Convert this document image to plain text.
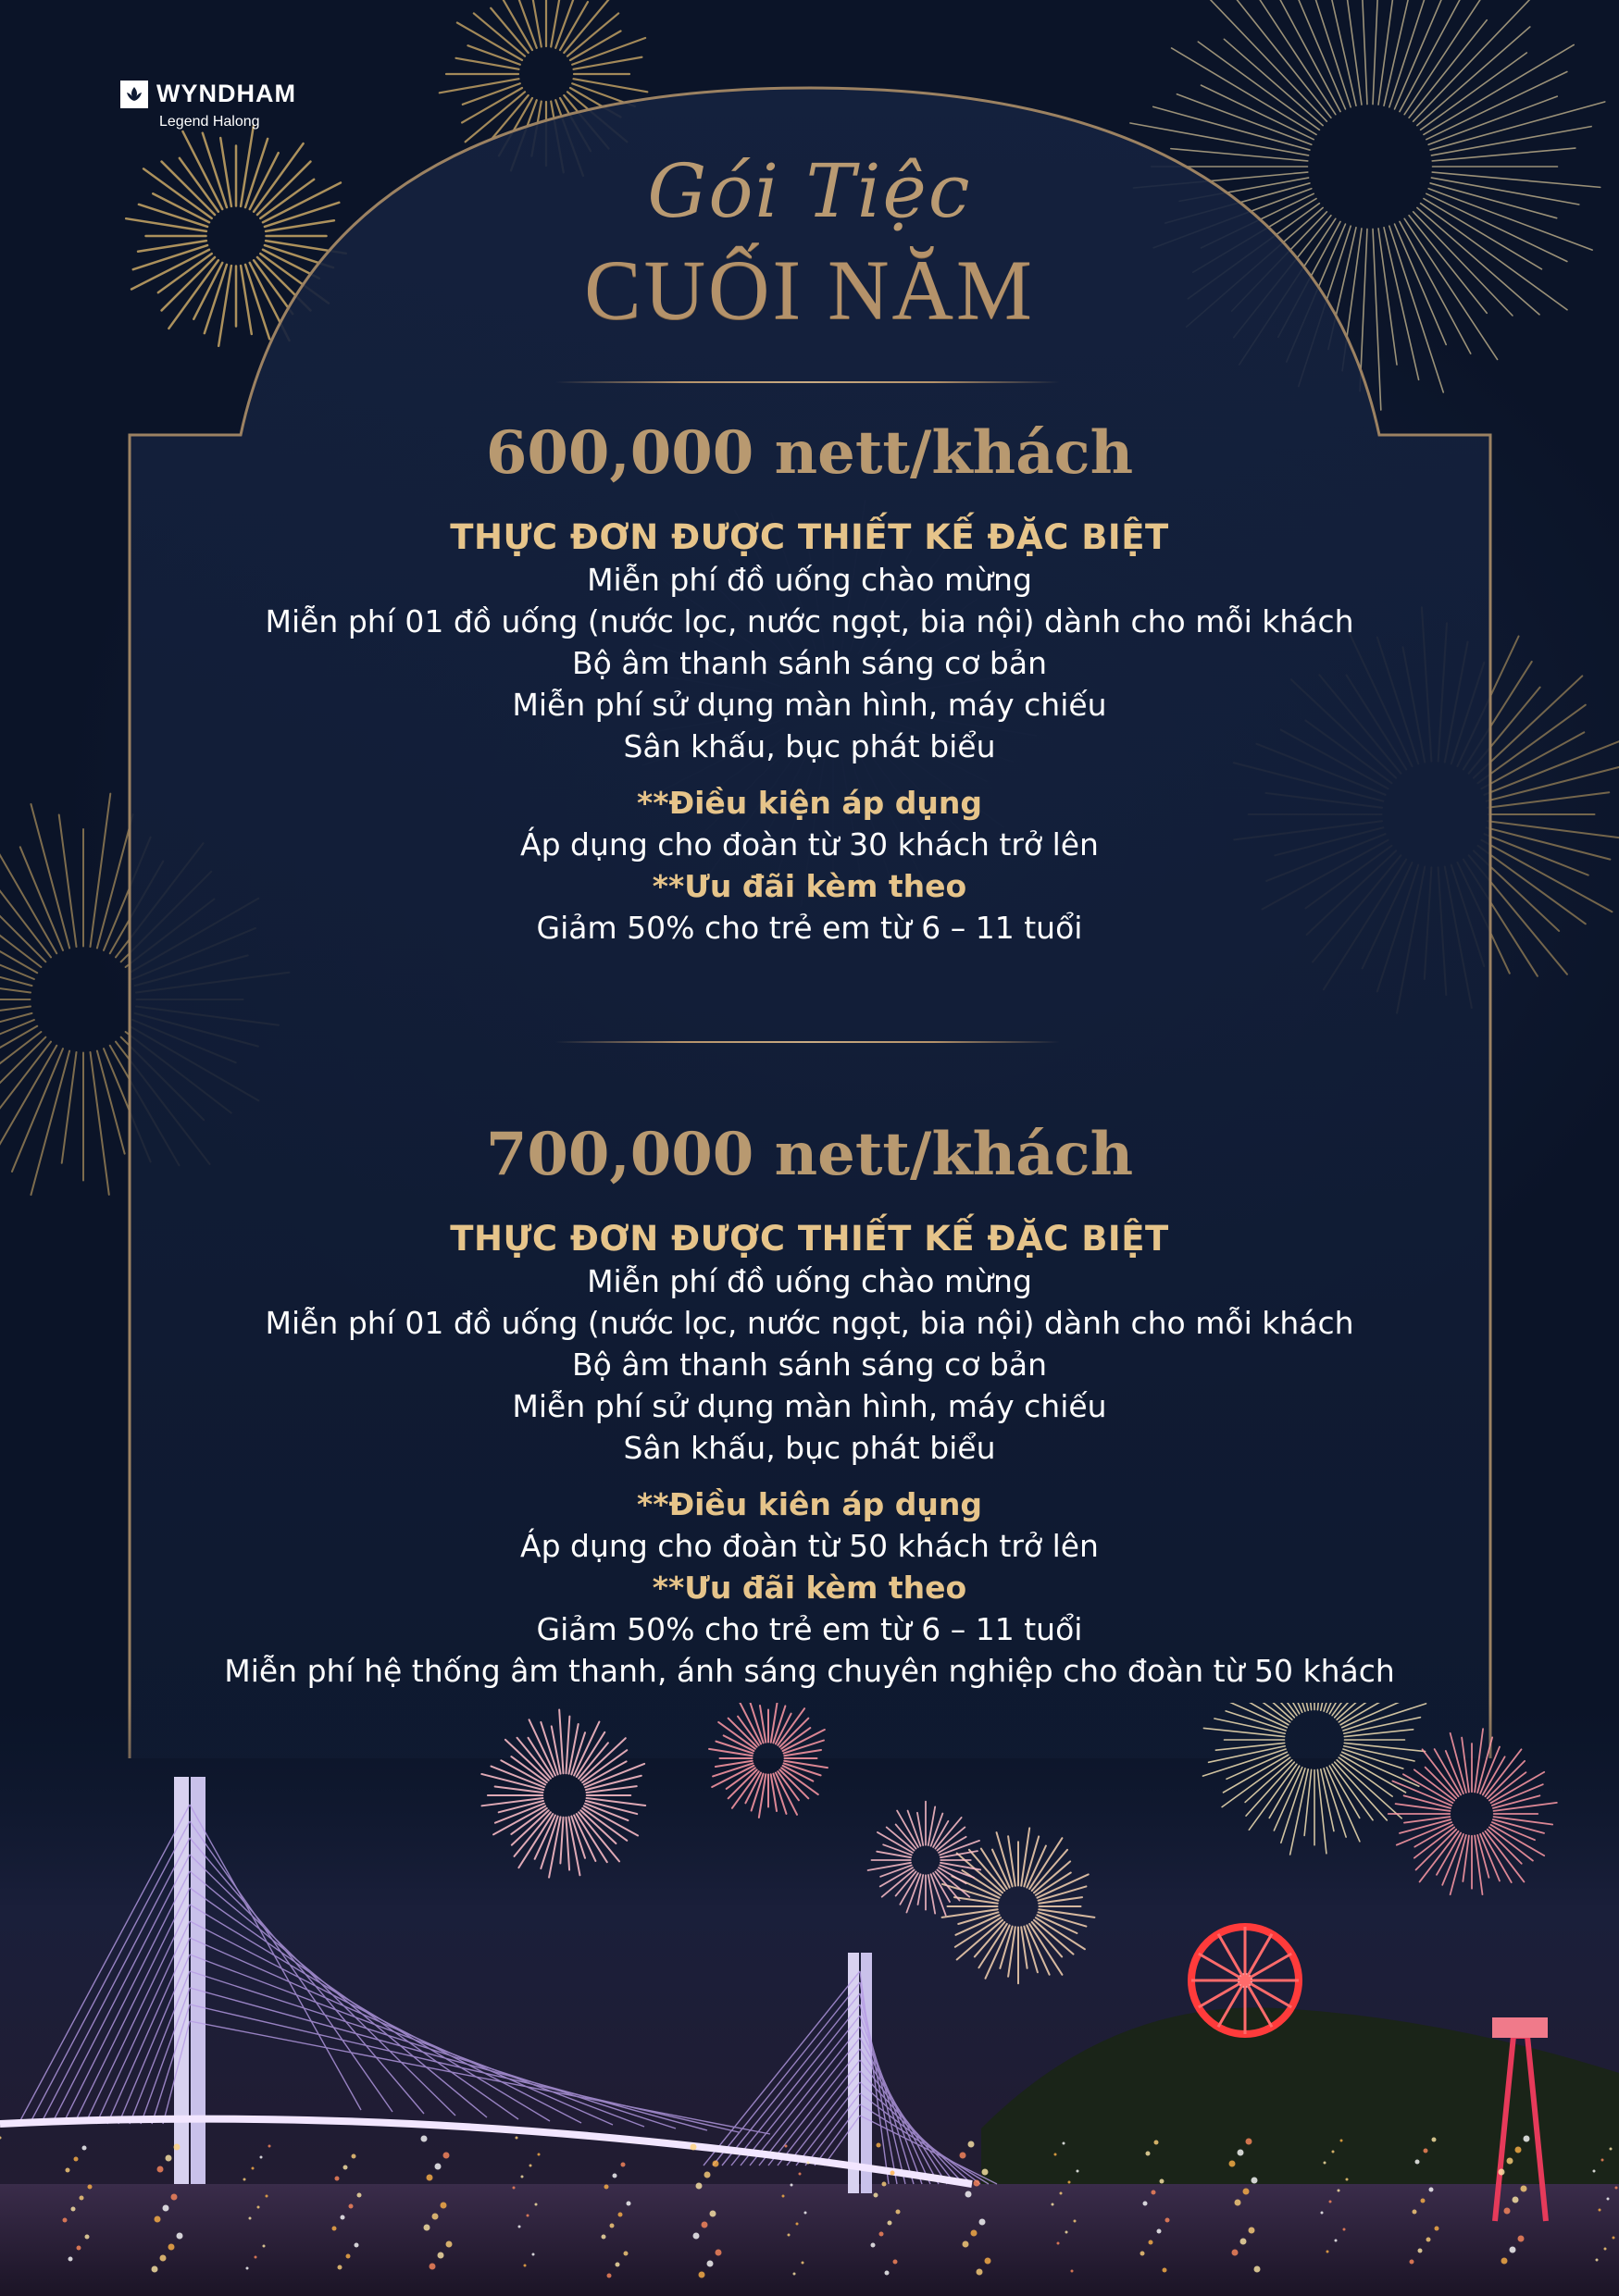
WYNDHAM
Legend Halong
Gói Tiệc
CUỐI NĂM
600,000 nett/khách
THỰC ĐƠN ĐƯỢC THIẾT KẾ ĐẶC BIỆT
Miễn phí đồ uống chào mừng
Miễn phí 01 đồ uống (nước lọc, nước ngọt, bia nội) dành cho mỗi khách
Bộ âm thanh sánh sáng cơ bản
Miễn phí sử dụng màn hình, máy chiếu
Sân khấu, bục phát biểu
**Điều kiện áp dụng
Áp dụng cho đoàn từ 30 khách trở lên
**Ưu đãi kèm theo
Giảm 50% cho trẻ em từ 6 – 11 tuổi
700,000 nett/khách
THỰC ĐƠN ĐƯỢC THIẾT KẾ ĐẶC BIỆT
Miễn phí đồ uống chào mừng
Miễn phí 01 đồ uống (nước lọc, nước ngọt, bia nội) dành cho mỗi khách
Bộ âm thanh sánh sáng cơ bản
Miễn phí sử dụng màn hình, máy chiếu
Sân khấu, bục phát biểu
**Điều kiên áp dụng
Áp dụng cho đoàn từ 50 khách trở lên
**Ưu đãi kèm theo
Giảm 50% cho trẻ em từ 6 – 11 tuổi
Miễn phí hệ thống âm thanh, ánh sáng chuyên nghiệp cho đoàn từ 50 khách
